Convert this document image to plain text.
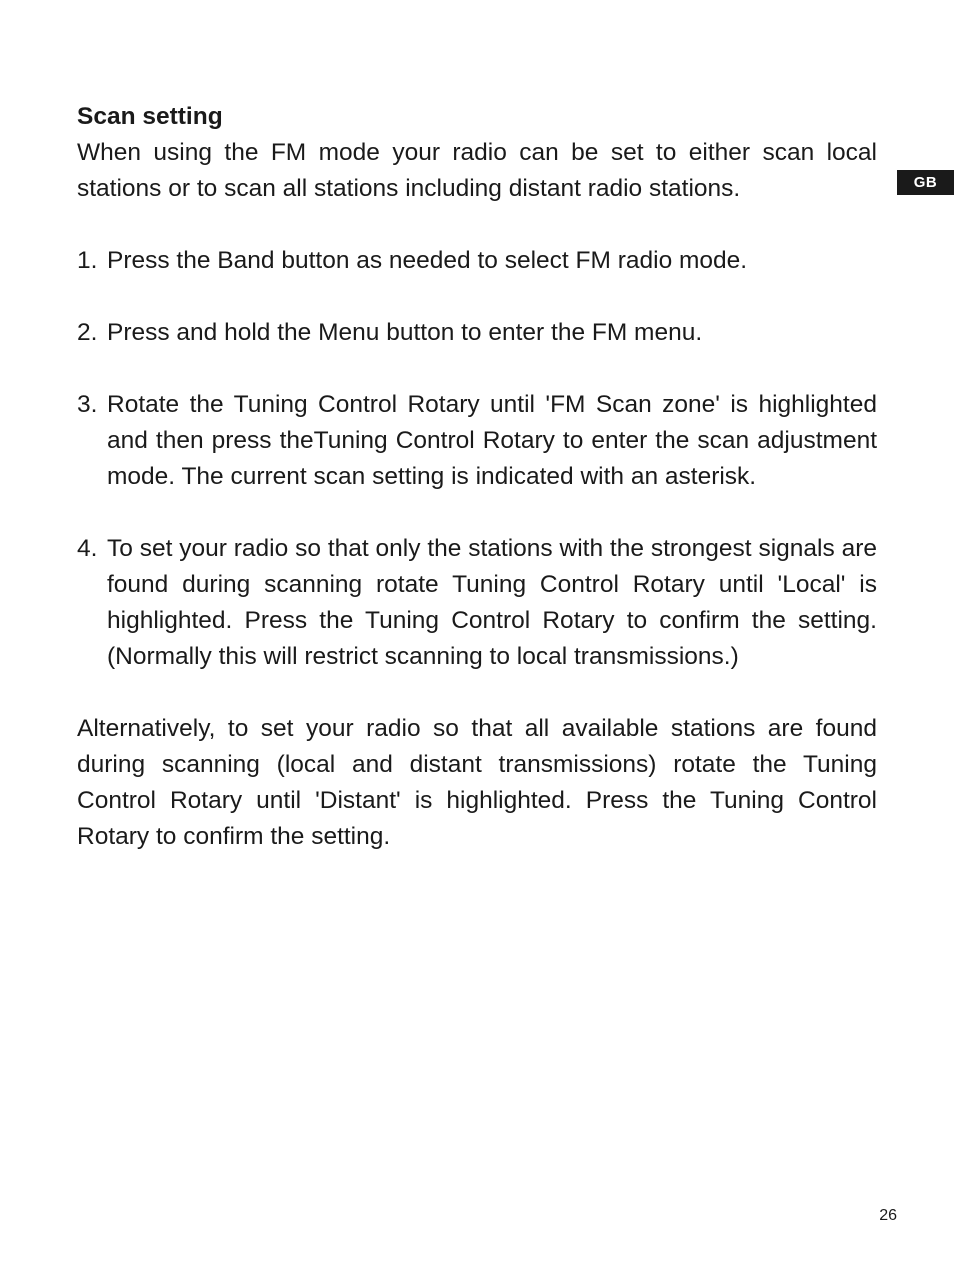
GB

Scan setting

When using the FM mode your radio can be set to either scan local stations or to scan all stations including distant radio stations.

1. Press the Band button as needed to select FM radio mode.
2. Press and hold the Menu button to enter the FM menu.
3. Rotate the Tuning Control Rotary until 'FM Scan zone' is highlighted and then press theTuning Control Rotary to enter the scan adjustment mode. The current scan setting is indicated with an asterisk.
4. To set your radio so that only the stations with the strongest signals are found during scanning rotate Tuning Control Rotary until 'Local' is highlighted. Press the Tuning Control Rotary to confirm the setting. (Normally this will restrict scanning to local transmissions.)

Alternatively, to set your radio so that all available stations are found during scanning (local and distant transmissions) rotate the Tuning Control Rotary until 'Distant' is highlighted. Press the Tuning Control Rotary to confirm the setting.

26
